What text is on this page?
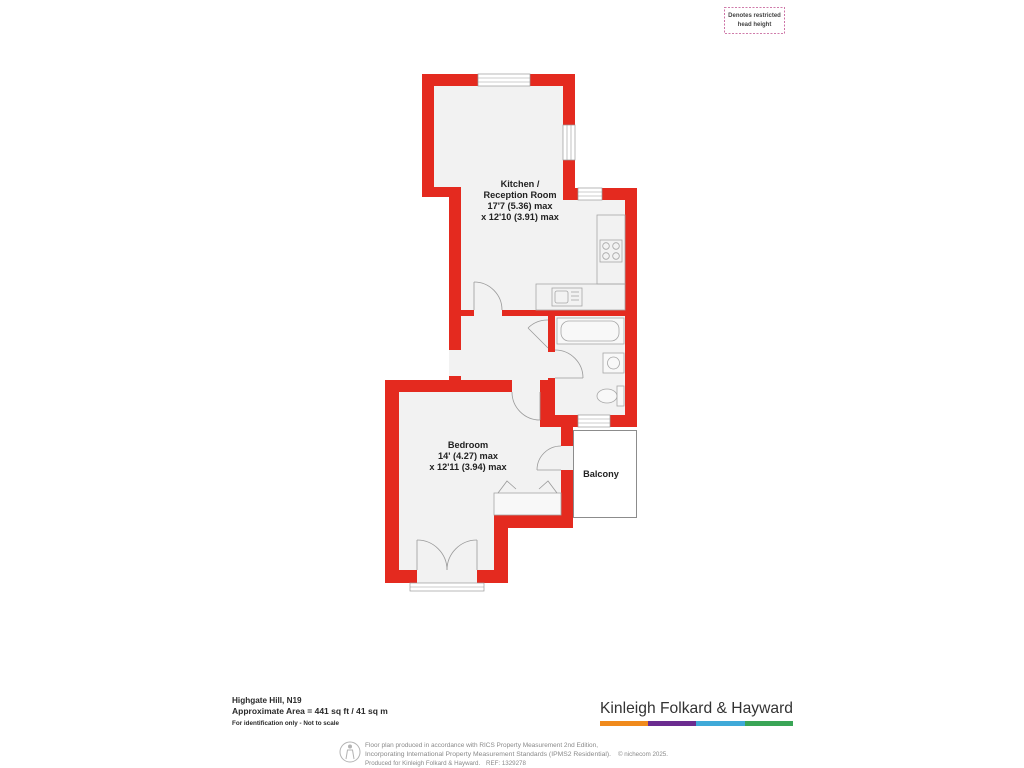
Denotes restricted
head height
Kitchen /
Reception Room
17'7 (5.36) max
x 12'10 (3.91) max
Bedroom
14' (4.27) max
x 12'11 (3.94) max
Balcony
Highgate Hill, N19
Approximate Area = 441 sq ft / 41 sq m
For identification only - Not to scale
Kinleigh Folkard & Hayward
Floor plan produced in accordance with RICS Property Measurement 2nd Edition,
Incorporating International Property Measurement Standards (IPMS2 Residential). © nichecom 2025.
Produced for Kinleigh Folkard & Hayward. REF: 1329278
